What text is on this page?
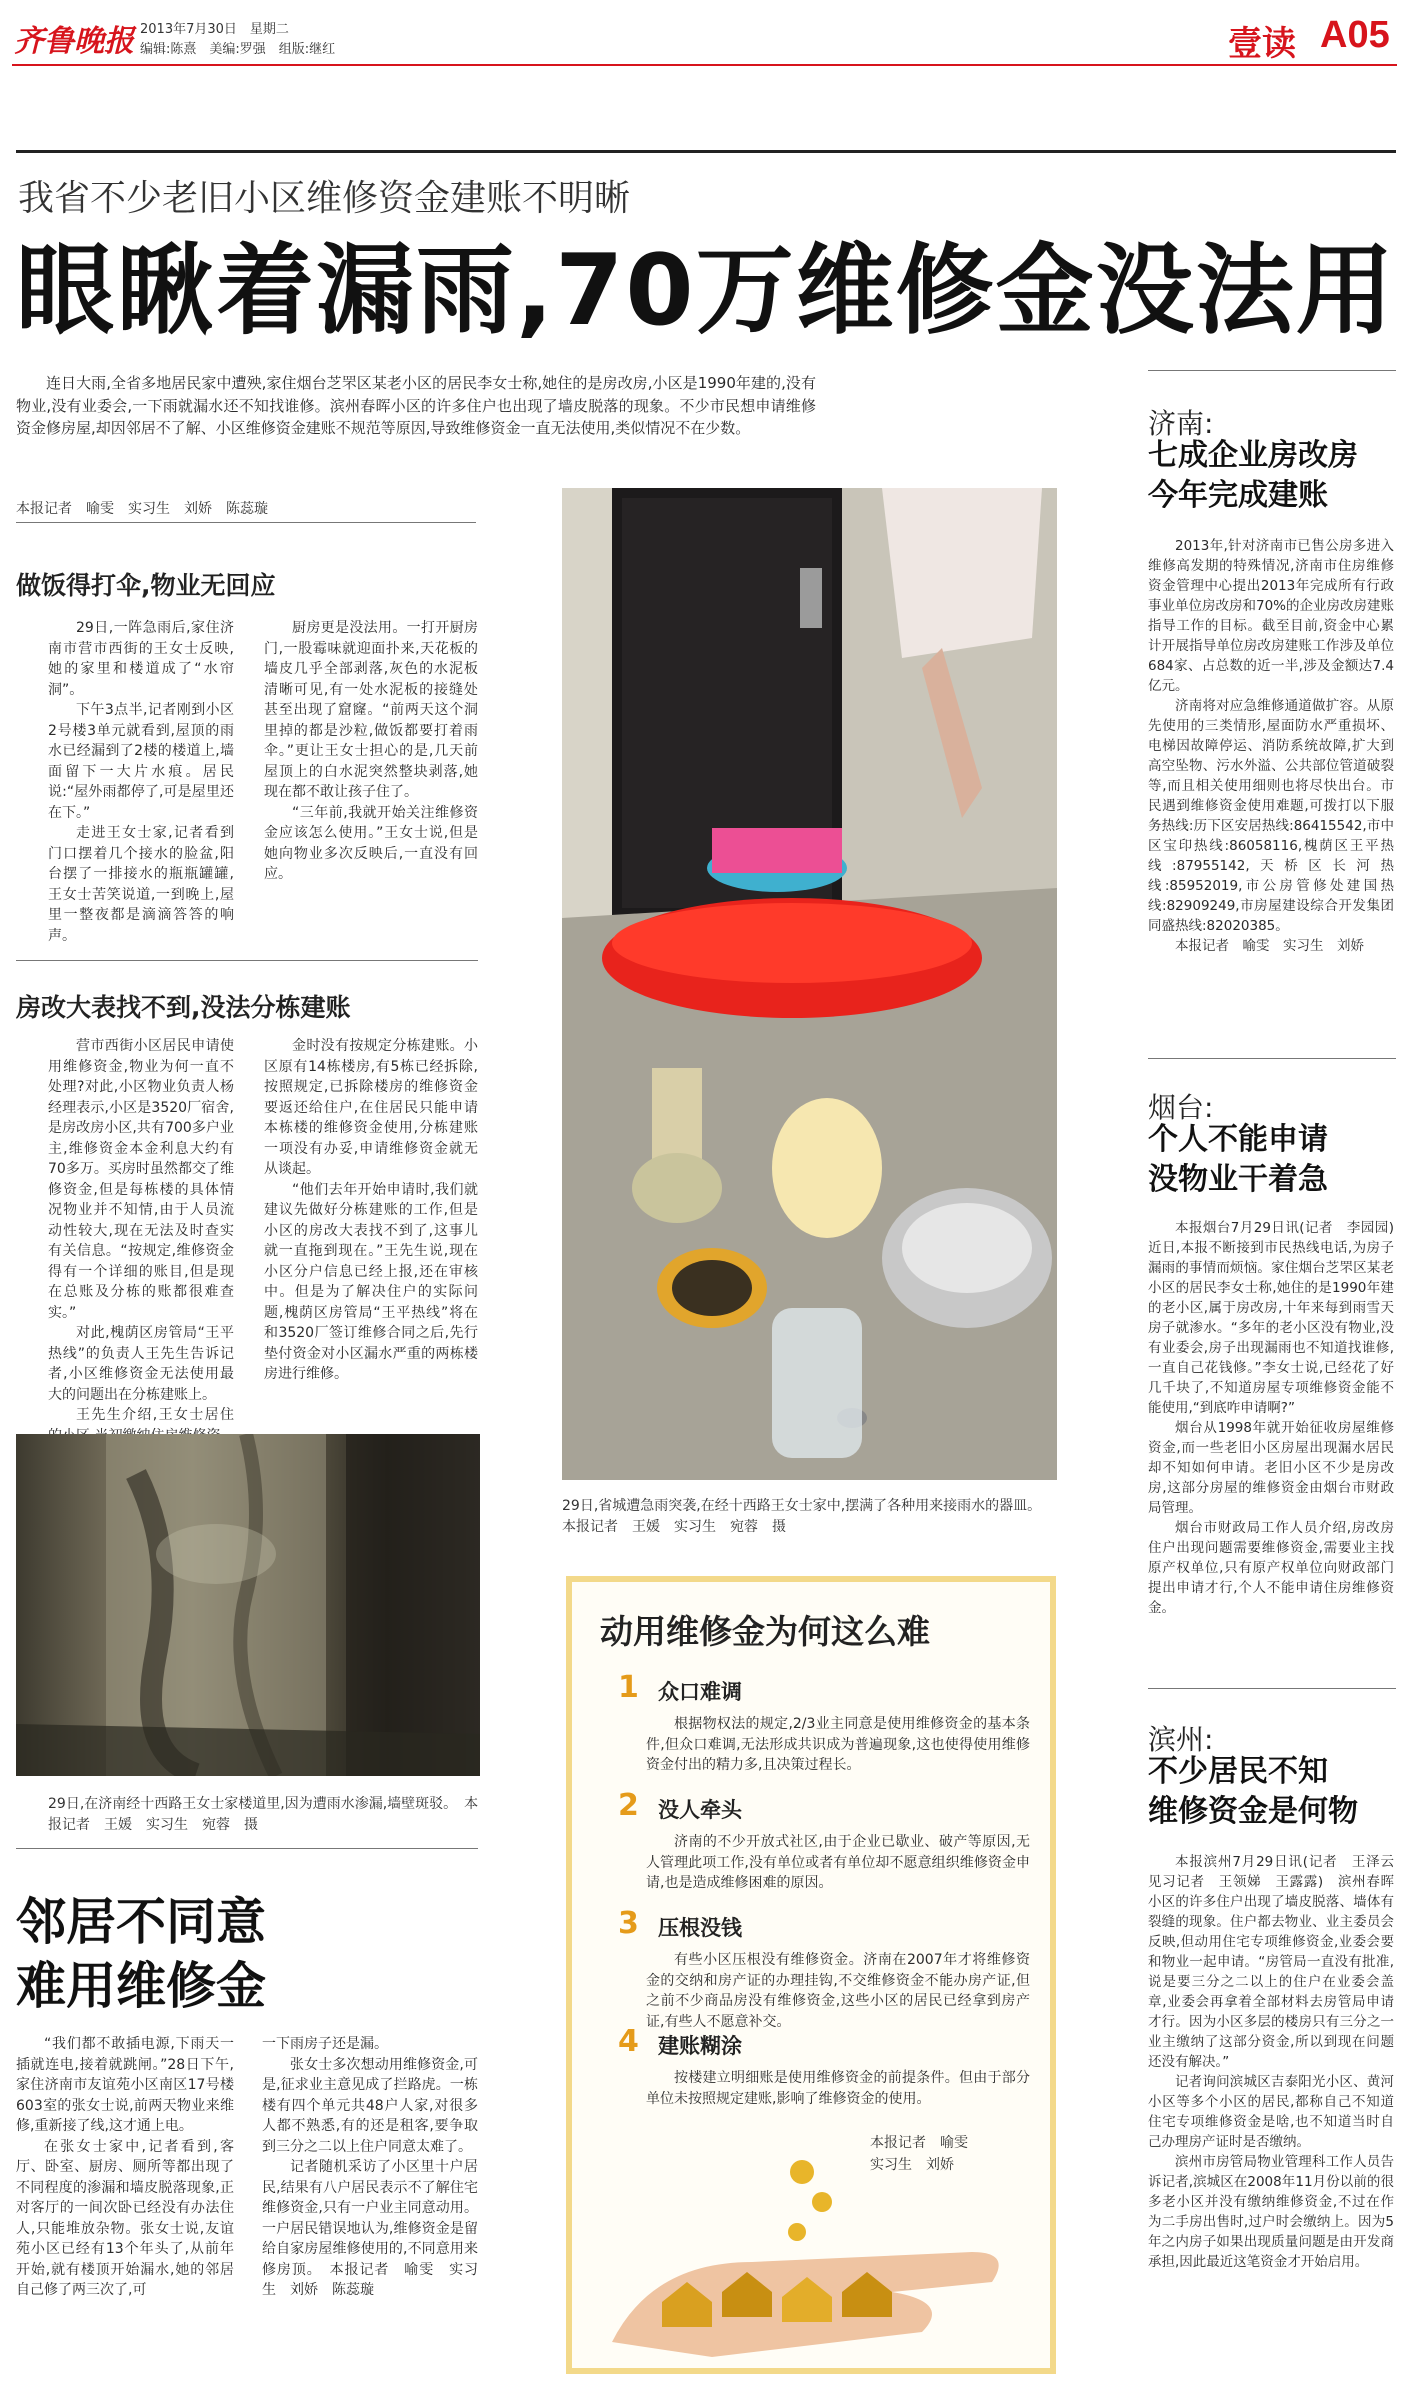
齐鲁晚报 2013年7月30日　星期二
编辑:陈熹　美编:罗强　组版:继红	壹读 A05
我省不少老旧小区维修资金建账不明晰
眼瞅着漏雨,70万维修金没法用

连日大雨,全省多地居民家中遭殃,家住烟台芝罘区某老小区的居民李女士称,她住的是房改房,小区是1990年建的,没有物业,没有业委会,一下雨就漏水还不知找谁修。滨州春晖小区的许多住户也出现了墙皮脱落的现象。不少市民想申请维修资金修房屋,却因邻居不了解、小区维修资金建账不规范等原因,导致维修资金一直无法使用,类似情况不在少数。

本报记者　喻雯　实习生　刘娇　陈蕊璇
做饭得打伞,物业无回应

29日,一阵急雨后,家住济南市营市西街的王女士反映,她的家里和楼道成了“水帘洞”。

下午3点半,记者刚到小区2号楼3单元就看到,屋顶的雨水已经漏到了2楼的楼道上,墙面留下一大片水痕。居民说:“屋外雨都停了,可是屋里还在下。”

走进王女士家,记者看到门口摆着几个接水的脸盆,阳台摆了一排接水的瓶瓶罐罐,王女士苦笑说道,一到晚上,屋里一整夜都是滴滴答答的响声。

厨房更是没法用。一打开厨房门,一股霉味就迎面扑来,天花板的墙皮几乎全部剥落,灰色的水泥板清晰可见,有一处水泥板的接缝处甚至出现了窟窿。“前两天这个洞里掉的都是沙粒,做饭都要打着雨伞。”更让王女士担心的是,几天前屋顶上的白水泥突然整块剥落,她现在都不敢让孩子住了。

“三年前,我就开始关注维修资金应该怎么使用。”王女士说,但是她向物业多次反映后,一直没有回应。

房改大表找不到,没法分栋建账

营市西街小区居民申请使用维修资金,物业为何一直不处理?对此,小区物业负责人杨经理表示,小区是3520厂宿舍,是房改房小区,共有700多户业主,维修资金本金利息大约有70多万。买房时虽然都交了维修资金,但是每栋楼的具体情况物业并不知情,由于人员流动性较大,现在无法及时查实有关信息。“按规定,维修资金得有一个详细的账目,但是现在总账及分栋的账都很难查实。”

对此,槐荫区房管局“王平热线”的负责人王先生告诉记者,小区维修资金无法使用最大的问题出在分栋建账上。

王先生介绍,王女士居住

金时没有按规定分栋建账。小区原有14栋楼房,有5栋已经拆除,按照规定,已拆除楼房的维修资金要返还给住户,在住居民只能申请本栋楼的维修资金使用,分栋建账一项没有办妥,申请维修资金就无从谈起。

“他们去年开始申请时,我们就建议先做好分栋建账的工作,但是小区的房改大表找不到了,这事儿就一直拖到现在。”王先生说,现在小区分户信息已经上报,还在审核中。但是为了解决住户的实际问题,槐荫区房管局“王平热线”将在和3520厂签订维修合同之后,先行垫付资金对小区漏水严重的两栋楼房进行维修。

29日,在济南经十西路王女士家楼道里,因为遭雨水渗漏,墙壁斑驳。　本报记者　王媛　实习生　宛蓉　摄
邻居不同意
难用维修金

“我们都不敢插电源,下雨天一插就连电,接着就跳闸。”28日下午,家住济南市友谊苑小区南区17号楼603室的张女士说,前两天物业来维修,重新接了线,这才通上电。

在张女士家中,记者看到,客厅、卧室、厨房、厕所等都出现了不同程度的渗漏和墙皮脱落现象,正对客厅的一间次卧已经没有办法住人,只能堆放杂物。张女士说,友谊苑小区已经有13个年头了,从前年开始,就有楼顶开始漏水,她的邻居自己修了两三次了,可

一下雨房子还是漏。

张女士多次想动用维修资金,可是,征求业主意见成了拦路虎。一栋楼有四个单元共48户人家,对很多人都不熟悉,有的还是租客,要争取到三分之二以上住户同意太难了。

记者随机采访了小区里十户居民,结果有八户居民表示不了解住宅维修资金,只有一户业主同意动用。一户居民错误地认为,维修资金是留给自家房屋维修使用的,不同意用来修房顶。　本报记者　喻雯　实习生　刘娇　陈蕊璇

29日,省城遭急雨突袭,在经十西路王女士家中,摆满了各种用来接雨水的器皿。　本报记者　王媛　实习生　宛蓉　摄
动用维修金为何这么难
1 众口难调

根据物权法的规定,2/3业主同意是使用维修资金的基本条件,但众口难调,无法形成共识成为普遍现象,这也使得使用维修资金付出的精力多,且决策过程长。

2 没人牵头

济南的不少开放式社区,由于企业已歇业、破产等原因,无人管理此项工作,没有单位或者有单位却不愿意组织维修资金申请,也是造成维修困难的原因。

3 压根没钱

有些小区压根没有维修资金。济南在2007年才将维修资金的交纳和房产证的办理挂钩,不交维修资金不能办房产证,但之前不少商品房没有维修资金,这些小区的居民已经拿到房产证,有些人不愿意补交。

4 建账糊涂

按楼建立明细账是使用维修资金的前提条件。但由于部分单位未按照规定建账,影响了维修资金的使用。

本报记者　喻雯
实习生　刘娇
济南:
七成企业房改房
今年完成建账

2013年,针对济南市已售公房多进入维修高发期的特殊情况,济南市住房维修资金管理中心提出2013年完成所有行政事业单位房改房和70%的企业房改房建账指导工作的目标。截至目前,资金中心累计开展指导单位房改房建账工作涉及单位684家、占总数的近一半,涉及金额达7.4亿元。

济南将对应急维修通道做扩容。从原先使用的三类情形,屋面防水严重损坏、电梯因故障停运、消防系统故障,扩大到高空坠物、污水外溢、公共部位管道破裂等,而且相关使用细则也将尽快出台。市民遇到维修资金使用难题,可拨打以下服务热线:历下区安居热线:86415542,市中区宝印热线:86058116,槐荫区王平热线:87955142,天桥区长河热线:85952019,市公房管修处建国热线:82909249,市房屋建设综合开发集团同盛热线:82020385。

本报记者　喻雯　实习生　刘娇

烟台:
个人不能申请
没物业干着急

本报烟台7月29日讯(记者　李园园)　近日,本报不断接到市民热线电话,为房子漏雨的事情而烦恼。家住烟台芝罘区某老小区的居民李女士称,她住的是1990年建的老小区,属于房改房,十年来每到雨雪天房子就渗水。“多年的老小区没有物业,没有业委会,房子出现漏雨也不知道找谁修,一直自己花钱修。”李女士说,已经花了好几千块了,不知道房屋专项维修资金能不能使用,“到底咋申请啊?”

烟台从1998年就开始征收房屋维修资金,而一些老旧小区房屋出现漏水居民却不知如何申请。老旧小区不少是房改房,这部分房屋的维修资金由烟台市财政局管理。

烟台市财政局工作人员介绍,房改房住户出现问题需要维修资金,需要业主找原产权单位,只有原产权单位向财政部门提出申请才行,个人不能申请住房维修资金。

滨州:
不少居民不知
维修资金是何物

本报滨州7月29日讯(记者　王泽云　见习记者　王领娣　王露露)　滨州春晖小区的许多住户出现了墙皮脱落、墙体有裂缝的现象。住户都去物业、业主委员会反映,但动用住宅专项维修资金,业委会要和物业一起申请。“房管局一直没有批准,说是要三分之二以上的住户在业委会盖章,业委会再拿着全部材料去房管局申请才行。因为小区多层的楼房只有三分之一业主缴纳了这部分资金,所以到现在问题还没有解决。”

记者询问滨城区吉泰阳光小区、黄河小区等多个小区的居民,都称自己不知道住宅专项维修资金是啥,也不知道当时自己办理房产证时是否缴纳。

滨州市房管局物业管理科工作人员告诉记者,滨城区在2008年11月份以前的很多老小区并没有缴纳维修资金,不过在作为二手房出售时,过户时会缴纳上。因为5年之内房子如果出现质量问题是由开发商承担,因此最近这笔资金才开始启用。
